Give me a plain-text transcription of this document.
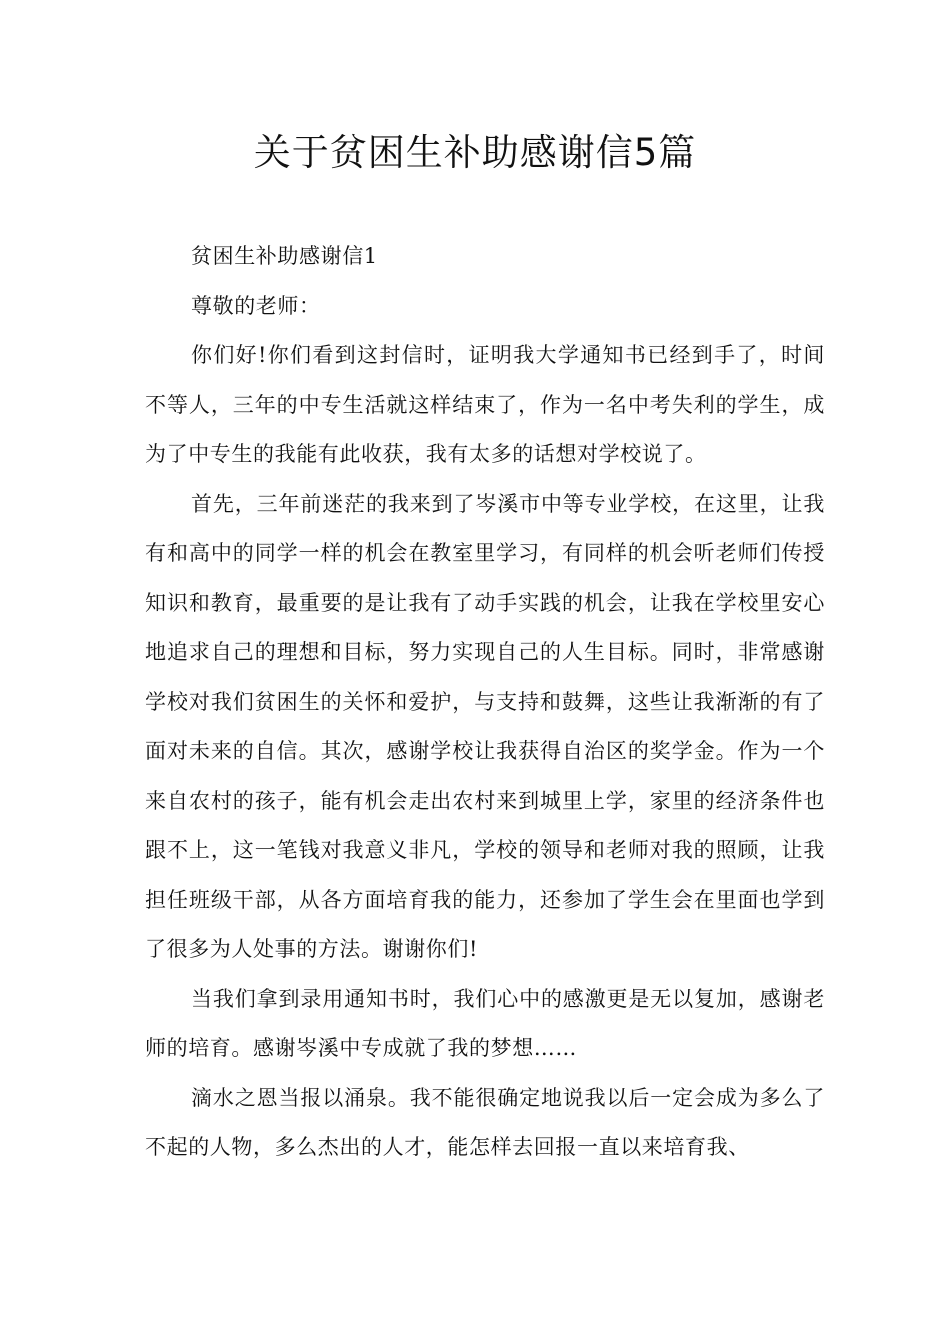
关于贫困生补助感谢信5篇

贫困生补助感谢信1

尊敬的老师：

你们好!你们看到这封信时，证明我大学通知书已经到手了，时间不等人，三年的中专生活就这样结束了，作为一名中考失利的学生，成为了中专生的我能有此收获，我有太多的话想对学校说了。

首先，三年前迷茫的我来到了岑溪市中等专业学校，在这里，让我有和高中的同学一样的机会在教室里学习，有同样的机会听老师们传授知识和教育，最重要的是让我有了动手实践的机会，让我在学校里安心地追求自己的理想和目标，努力实现自己的人生目标。同时，非常感谢学校对我们贫困生的关怀和爱护，与支持和鼓舞，这些让我渐渐的有了面对未来的自信。其次，感谢学校让我获得自治区的奖学金。作为一个来自农村的孩子，能有机会走出农村来到城里上学，家里的经济条件也跟不上，这一笔钱对我意义非凡，学校的领导和老师对我的照顾，让我担任班级干部，从各方面培育我的能力，还参加了学生会在里面也学到了很多为人处事的方法。谢谢你们!

当我们拿到录用通知书时，我们心中的感激更是无以复加，感谢老师的培育。感谢岑溪中专成就了我的梦想……

滴水之恩当报以涌泉。我不能很确定地说我以后一定会成为多么了不起的人物，多么杰出的人才，能怎样去回报一直以来培育我、
